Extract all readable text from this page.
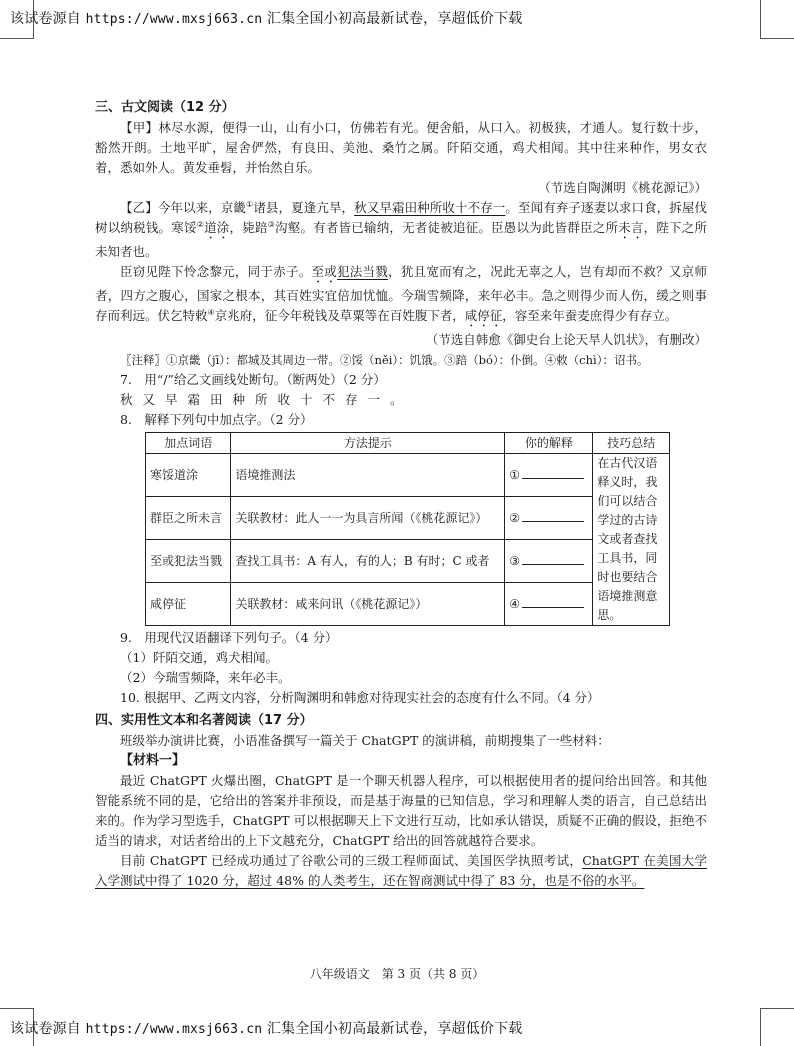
该试卷源自 https://www.mxsj663.cn 汇集全国小初高最新试卷，享超低价下载

三、古文阅读（12 分）

【甲】林尽水源，便得一山，山有小口，仿佛若有光。便舍船，从口入。初极狭，才通人。复行数十步，豁然开朗。土地平旷，屋舍俨然，有良田、美池、桑竹之属。阡陌交通，鸡犬相闻。其中往来种作，男女衣着，悉如外人。黄发垂髫，并怡然自乐。

（节选自陶渊明《桃花源记》）

【乙】今年以来，京畿①诸县，夏逢亢旱，秋又早霜田种所收十不存一。至闻有弃子逐妻以求口食，拆屋伐树以纳税钱。寒馁②道涂，毙踣③沟壑。有者皆已输纳，无者徒被追征。臣愚以为此皆群臣之所未言，陛下之所未知者也。

臣窃见陛下怜念黎元，同于赤子。至或犯法当戮，犹且宽而宥之，况此无辜之人，岂有却而不救？又京师者，四方之腹心，国家之根本，其百姓实宜倍加忧恤。今瑞雪频降，来年必丰。急之则得少而人伤，缓之则事存而利远。伏乞特敕④京兆府，征今年税钱及草粟等在百姓腹下者，咸停征，容至来年蚕麦庶得少有存立。

（节选自韩愈《御史台上论天旱人饥状》，有删改）

〖注释〗①京畿（jī）：都城及其周边一带。②馁（něi）：饥饿。③踣（bó）：仆倒。④敕（chì）：诏书。

7.　用“/”给乙文画线处断句。（断两处）（2 分）

秋又早霜田种所收十不存一。

8.　解释下列句中加点字。（2 分）

加点词语	方法提示	你的解释	技巧总结
寒馁道涂	语境推测法	①	在古代汉语释义时，我们可以结合学过的古诗文或者查找工具书，同时也要结合语境推测意思。
群臣之所未言	关联教材：此人一一为具言所闻（《桃花源记》）	②	
至或犯法当戮	查找工具书：A 有人，有的人；B 有时；C 或者	③	
咸停征	关联教材：咸来问讯（《桃花源记》）	④	

9.　用现代汉语翻译下列句子。（4 分）

（1）阡陌交通，鸡犬相闻。

（2）今瑞雪频降，来年必丰。

10. 根据甲、乙两文内容，分析陶渊明和韩愈对待现实社会的态度有什么不同。（4 分）

四、实用性文本和名著阅读（17 分）

班级举办演讲比赛，小语准备撰写一篇关于 ChatGPT 的演讲稿，前期搜集了一些材料：

【材料一】

最近 ChatGPT 火爆出圈，ChatGPT 是一个聊天机器人程序，可以根据使用者的提问给出回答。和其他智能系统不同的是，它给出的答案并非预设，而是基于海量的已知信息，学习和理解人类的语言，自己总结出来的。作为学习型选手，ChatGPT 可以根据聊天上下文进行互动，比如承认错误，质疑不正确的假设，拒绝不适当的请求，对话者给出的上下文越充分，ChatGPT 给出的回答就越符合要求。

目前 ChatGPT 已经成功通过了谷歌公司的三级工程师面试、美国医学执照考试，ChatGPT 在美国大学入学测试中得了 1020 分，超过 48% 的人类考生，还在智商测试中得了 83 分，也是不俗的水平。

八年级语文　第 3 页（共 8 页）
该试卷源自 https://www.mxsj663.cn 汇集全国小初高最新试卷，享超低价下载
